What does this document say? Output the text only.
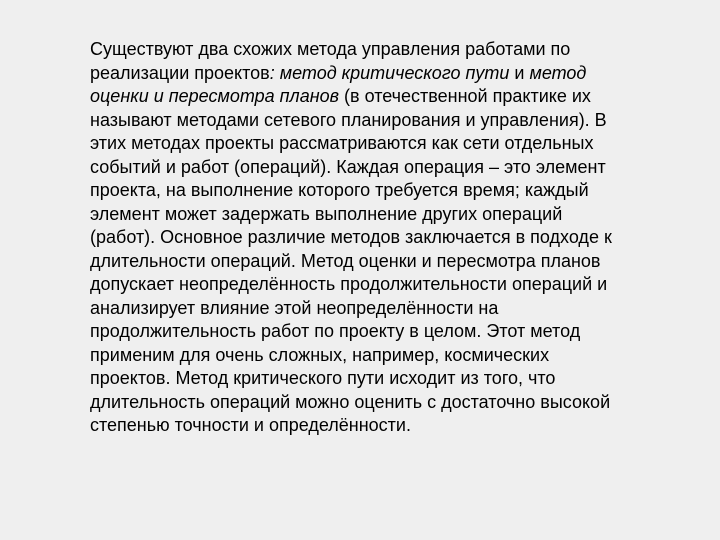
Существуют два схожих метода управления работами по
реализации проектов: метод критического пути и метод
оценки и пересмотра планов (в отечественной практике их
называют методами сетевого планирования и управления). В
этих методах проекты рассматриваются как сети отдельных
событий и работ (операций). Каждая операция – это элемент
проекта, на выполнение которого требуется время; каждый
элемент может задержать выполнение других операций
(работ). Основное различие методов заключается в подходе к
длительности операций. Метод оценки и пересмотра планов
допускает неопределённость продолжительности операций и
анализирует влияние этой неопределённости на
продолжительность работ по проекту в целом. Этот метод
применим для очень сложных, например, космических
проектов. Метод критического пути исходит из того, что
длительность операций можно оценить с достаточно высокой
степенью точности и определённости.
